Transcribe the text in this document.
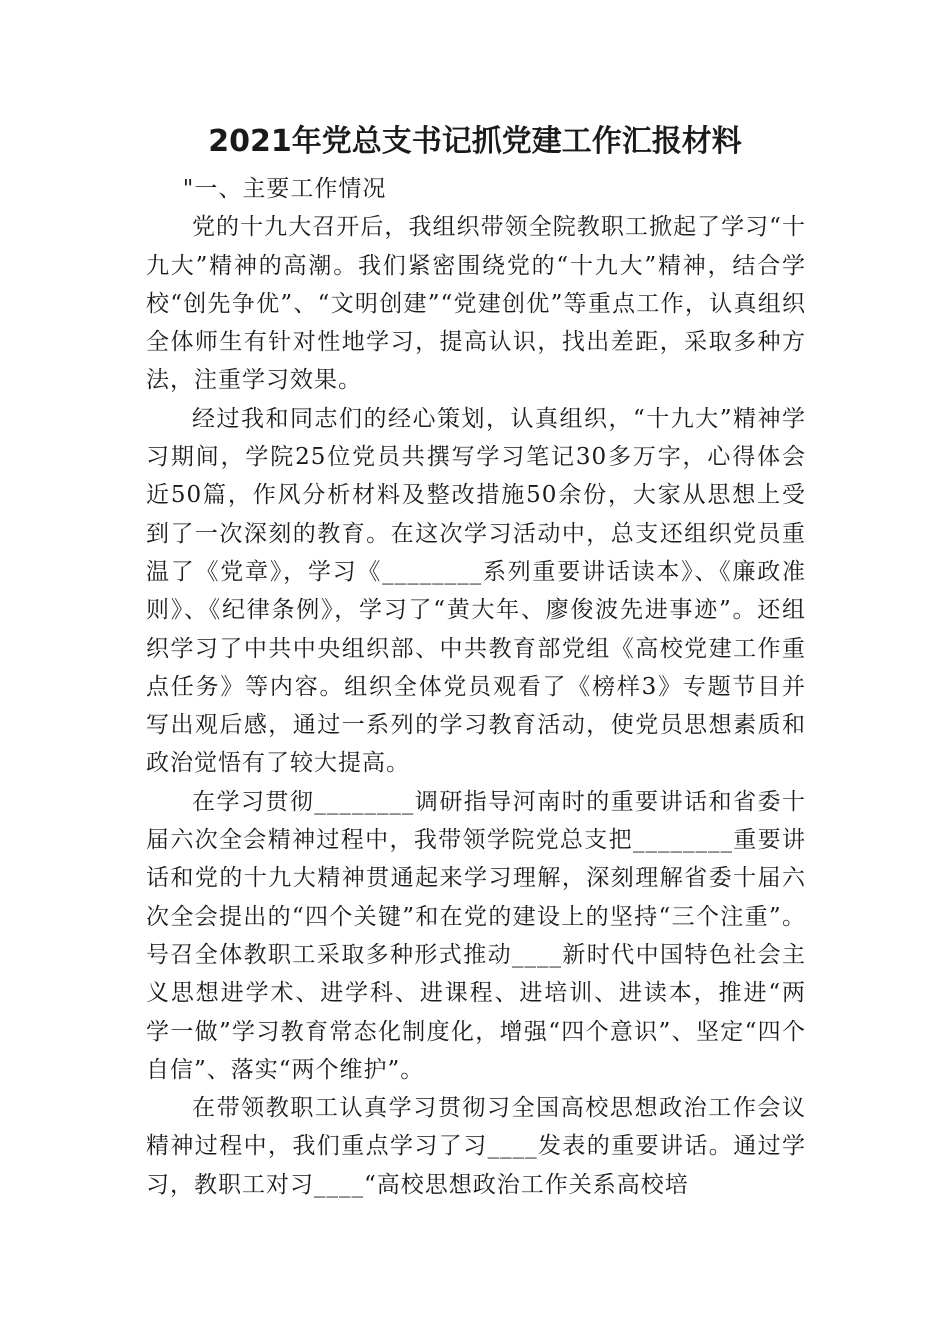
2021年党总支书记抓党建工作汇报材料

"一、主要工作情况

党的十九大召开后，我组织带领全院教职工掀起了学习“十九大”精神的高潮。我们紧密围绕党的“十九大”精神，结合学校“创先争优”、“文明创建”“党建创优”等重点工作，认真组织全体师生有针对性地学习，提高认识，找出差距，采取多种方法，注重学习效果。

经过我和同志们的经心策划，认真组织，“十九大”精神学习期间，学院25位党员共撰写学习笔记30多万字，心得体会近50篇，作风分析材料及整改措施50余份，大家从思想上受到了一次深刻的教育。在这次学习活动中，总支还组织党员重温了《党章》，学习《________系列重要讲话读本》、《廉政准则》、《纪律条例》，学习了“黄大年、廖俊波先进事迹”。还组织学习了中共中央组织部、中共教育部党组《高校党建工作重点任务》等内容。组织全体党员观看了《榜样3》专题节目并写出观后感，通过一系列的学习教育活动，使党员思想素质和政治觉悟有了较大提高。

在学习贯彻________调研指导河南时的重要讲话和省委十届六次全会精神过程中，我带领学院党总支把________重要讲话和党的十九大精神贯通起来学习理解，深刻理解省委十届六次全会提出的“四个关键”和在党的建设上的坚持“三个注重”。号召全体教职工采取多种形式推动____新时代中国特色社会主义思想进学术、进学科、进课程、进培训、进读本，推进“两学一做”学习教育常态化制度化，增强“四个意识”、坚定“四个自信”、落实“两个维护”。

在带领教职工认真学习贯彻习全国高校思想政治工作会议精神过程中，我们重点学习了习____发表的重要讲话。通过学习，教职工对习____“高校思想政治工作关系高校培
